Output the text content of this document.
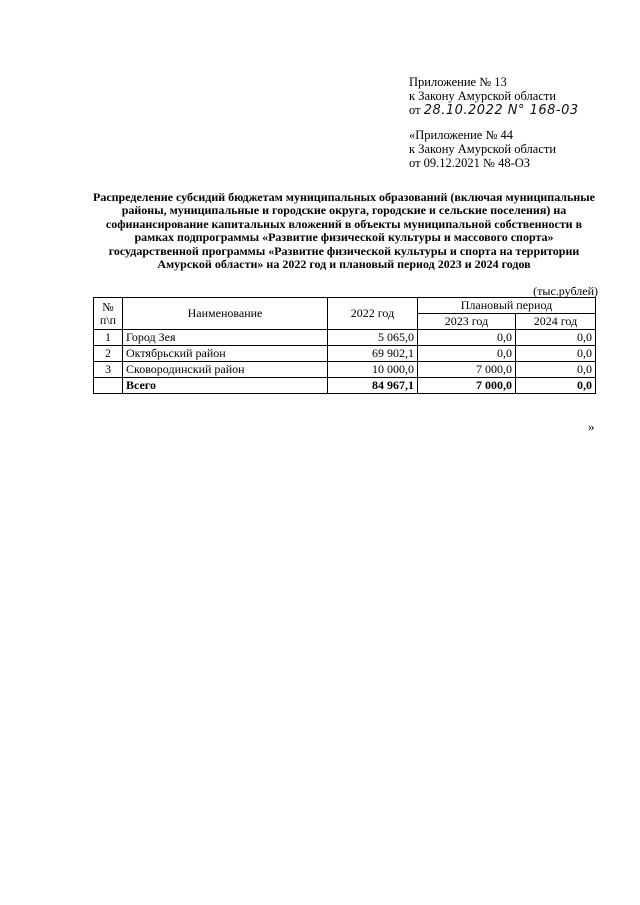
Приложение № 13
к Закону Амурской области
от 28.10.2022 N° 168-03
«Приложение № 44
к Закону Амурской области
от 09.12.2021 № 48-ОЗ
Распределение субсидий бюджетам муниципальных образований (включая муниципальные районы, муниципальные и городские округа, городские и сельские поселения) на софинансирование капитальных вложений в объекты муниципальной собственности в рамках подпрограммы «Развитие физической культуры и массового спорта» государственной программы «Развитие физической культуры и спорта на территории Амурской области» на 2022 год и плановый период 2023 и 2024 годов
(тыс.рублей)
№ п\п	Наименование	2022 год	Плановый период	
			2023 год	2024 год
1	Город Зея	5 065,0	0,0	0,0
2	Октябрьский район	69 902,1	0,0	0,0
3	Сковородинский район	10 000,0	7 000,0	0,0
	Всего	84 967,1	7 000,0	0,0
»
